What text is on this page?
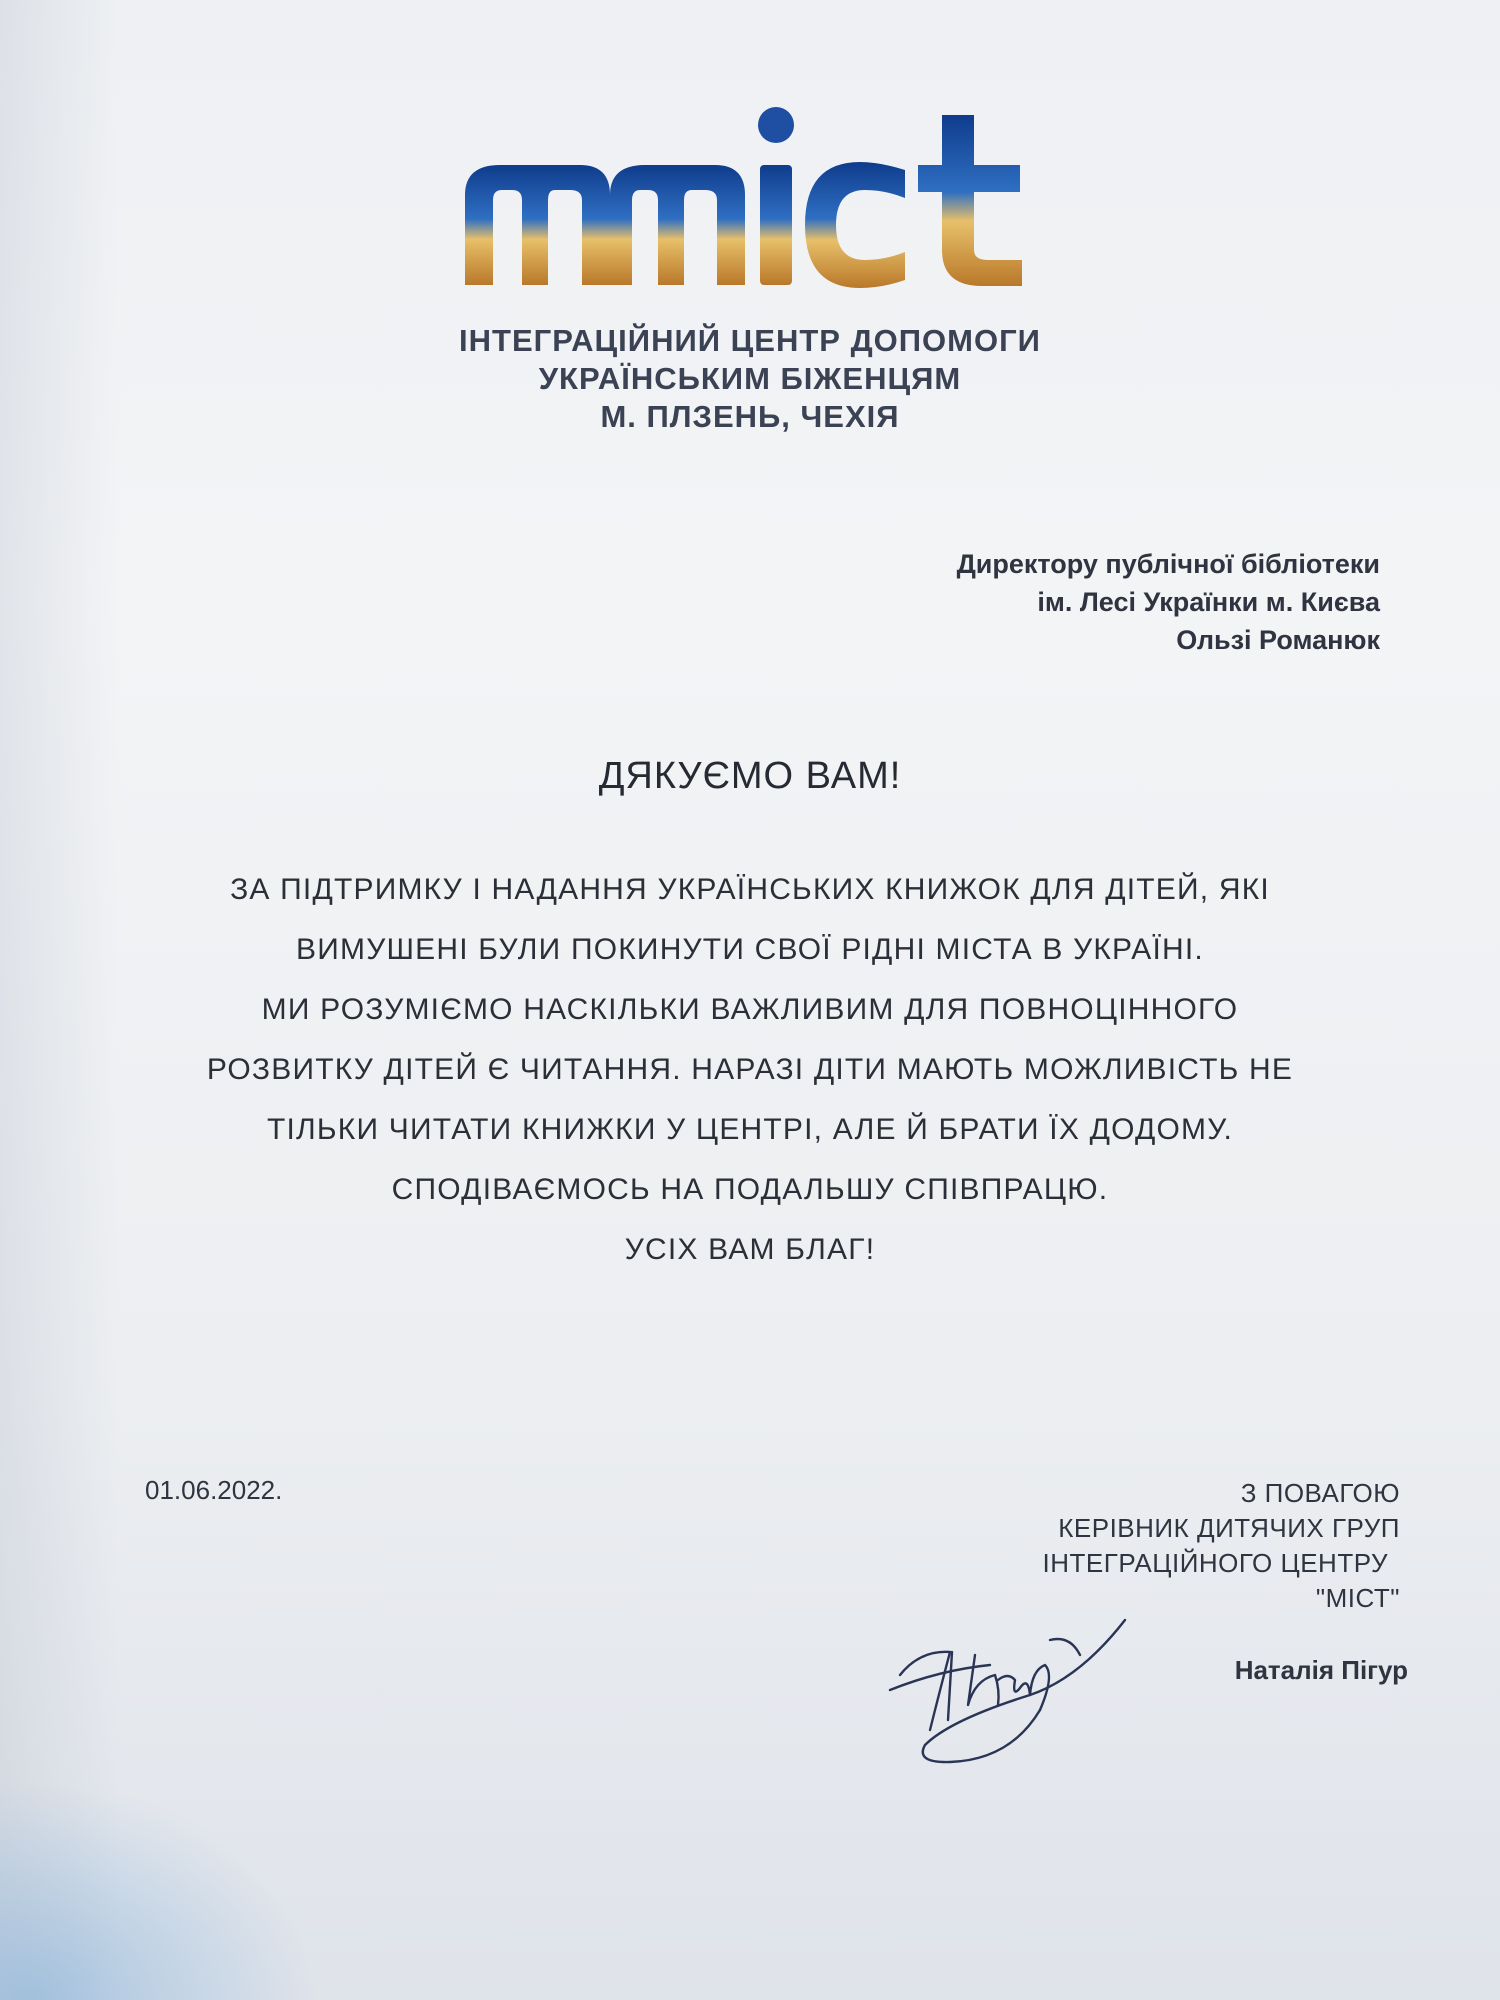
ІНТЕГРАЦІЙНИЙ ЦЕНТР ДОПОМОГИ
УКРАЇНСЬКИМ БІЖЕНЦЯМ
М. ПЛЗЕНЬ, ЧЕХІЯ
Директору публічної бібліотеки
ім. Лесі Українки м. Києва
Ользі Романюк
ДЯКУЄМО ВАМ!
ЗА ПІДТРИМКУ І НАДАННЯ УКРАЇНСЬКИХ КНИЖОК ДЛЯ ДІТЕЙ, ЯКІ
ВИМУШЕНІ БУЛИ ПОКИНУТИ СВОЇ РІДНІ МІСТА В УКРАЇНІ.
МИ РОЗУМІЄМО НАСКІЛЬКИ ВАЖЛИВИМ ДЛЯ ПОВНОЦІННОГО
РОЗВИТКУ ДІТЕЙ Є ЧИТАННЯ. НАРАЗІ ДІТИ МАЮТЬ МОЖЛИВІСТЬ НЕ
ТІЛЬКИ ЧИТАТИ КНИЖКИ У ЦЕНТРІ, АЛЕ Й БРАТИ ЇХ ДОДОМУ.
СПОДІВАЄМОСЬ НА ПОДАЛЬШУ СПІВПРАЦЮ.
УСІХ ВАМ БЛАГ!
01.06.2022.	З ПОВАГОЮ
КЕРІВНИК ДИТЯЧИХ ГРУП
ІНТЕГРАЦІЙНОГО ЦЕНТРУ
"МІСТ"
Наталія Пігур
